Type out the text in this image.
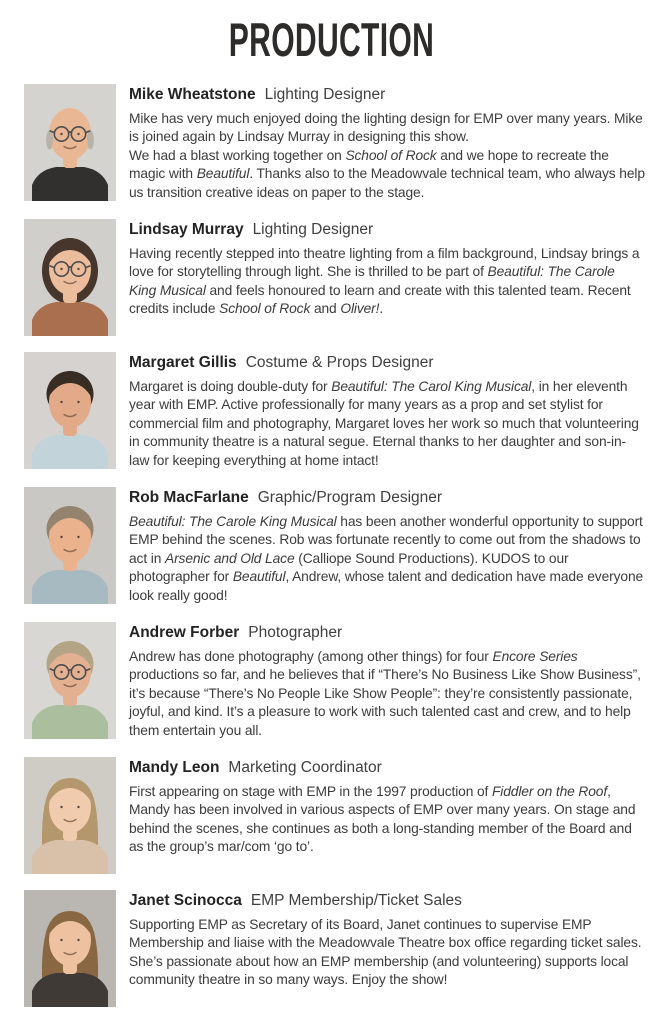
PRODUCTION
Mike Wheatstone Lighting Designer

Mike has very much enjoyed doing the lighting design for EMP over many years. Mike is joined again by Lindsay Murray in designing this show.
We had a blast working together on School of Rock and we hope to recreate the magic with Beautiful. Thanks also to the Meadowvale technical team, who always help us transition creative ideas on paper to the stage.

Lindsay Murray Lighting Designer

Having recently stepped into theatre lighting from a film background, Lindsay brings a love for storytelling through light. She is thrilled to be part of Beautiful: The Carole King Musical and feels honoured to learn and create with this talented team. Recent credits include School of Rock and Oliver!.

Margaret Gillis Costume & Props Designer

Margaret is doing double-duty for Beautiful: The Carol King Musical, in her eleventh year with EMP. Active professionally for many years as a prop and set stylist for commercial film and photography, Margaret loves her work so much that volunteering in community theatre is a natural segue. Eternal thanks to her daughter and son-in-law for keeping everything at home intact!

Rob MacFarlane Graphic/Program Designer

Beautiful: The Carole King Musical has been another wonderful opportunity to support EMP behind the scenes. Rob was fortunate recently to come out from the shadows to act in Arsenic and Old Lace (Calliope Sound Productions). KUDOS to our photographer for Beautiful, Andrew, whose talent and dedication have made everyone look really good!

Andrew Forber Photographer

Andrew has done photography (among other things) for four Encore Series productions so far, and he believes that if “There’s No Business Like Show Business”, it’s because “There’s No People Like Show People”: they’re consistently passionate, joyful, and kind. It’s a pleasure to work with such talented cast and crew, and to help them entertain you all.

Mandy Leon Marketing Coordinator

First appearing on stage with EMP in the 1997 production of Fiddler on the Roof, Mandy has been involved in various aspects of EMP over many years. On stage and behind the scenes, she continues as both a long-standing member of the Board and as the group’s mar/com ‘go to’.

Janet Scinocca EMP Membership/Ticket Sales

Supporting EMP as Secretary of its Board, Janet continues to supervise EMP Membership and liaise with the Meadowvale Theatre box office regarding ticket sales. She’s passionate about how an EMP membership (and volunteering) supports local community theatre in so many ways. Enjoy the show!
